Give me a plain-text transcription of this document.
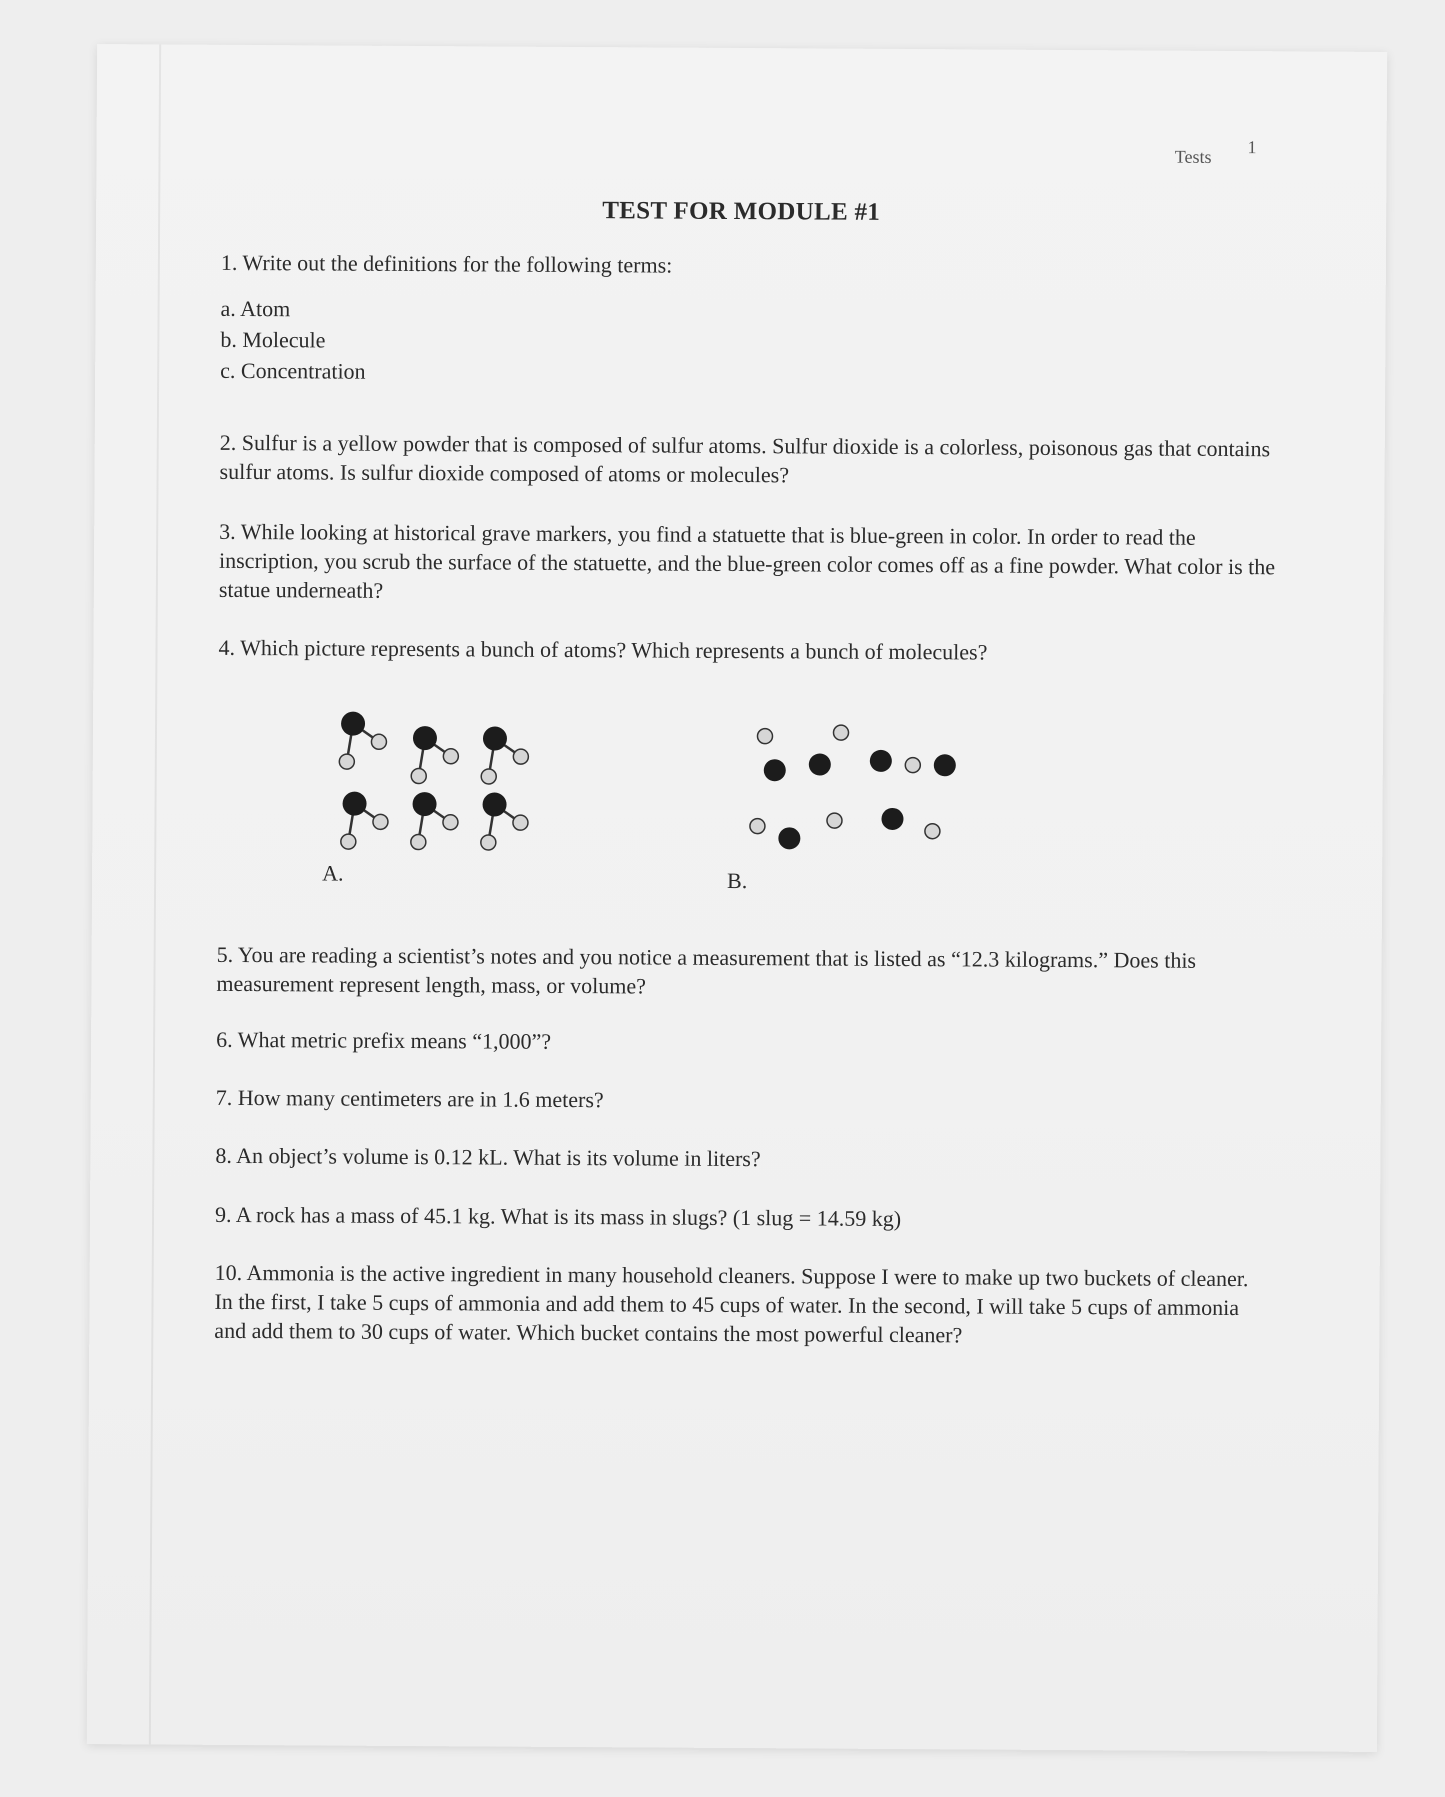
Tests 1
TEST FOR MODULE #1
1. Write out the definitions for the following terms:
a. Atom
b. Molecule
c. Concentration
2. Sulfur is a yellow powder that is composed of sulfur atoms. Sulfur dioxide is a colorless, poisonous gas that contains sulfur atoms. Is sulfur dioxide composed of atoms or molecules?
3. While looking at historical grave markers, you find a statuette that is blue-green in color. In order to read the inscription, you scrub the surface of the statuette, and the blue-green color comes off as a fine powder. What color is the statue underneath?
4. Which picture represents a bunch of atoms? Which represents a bunch of molecules?
A.	B.
5. You are reading a scientist’s notes and you notice a measurement that is listed as “12.3 kilograms.” Does this measurement represent length, mass, or volume?
6. What metric prefix means “1,000”?
7. How many centimeters are in 1.6 meters?
8. An object’s volume is 0.12 kL. What is its volume in liters?
9. A rock has a mass of 45.1 kg. What is its mass in slugs? (1 slug = 14.59 kg)
10. Ammonia is the active ingredient in many household cleaners. Suppose I were to make up two buckets of cleaner. In the first, I take 5 cups of ammonia and add them to 45 cups of water. In the second, I will take 5 cups of ammonia and add them to 30 cups of water. Which bucket contains the most powerful cleaner?
